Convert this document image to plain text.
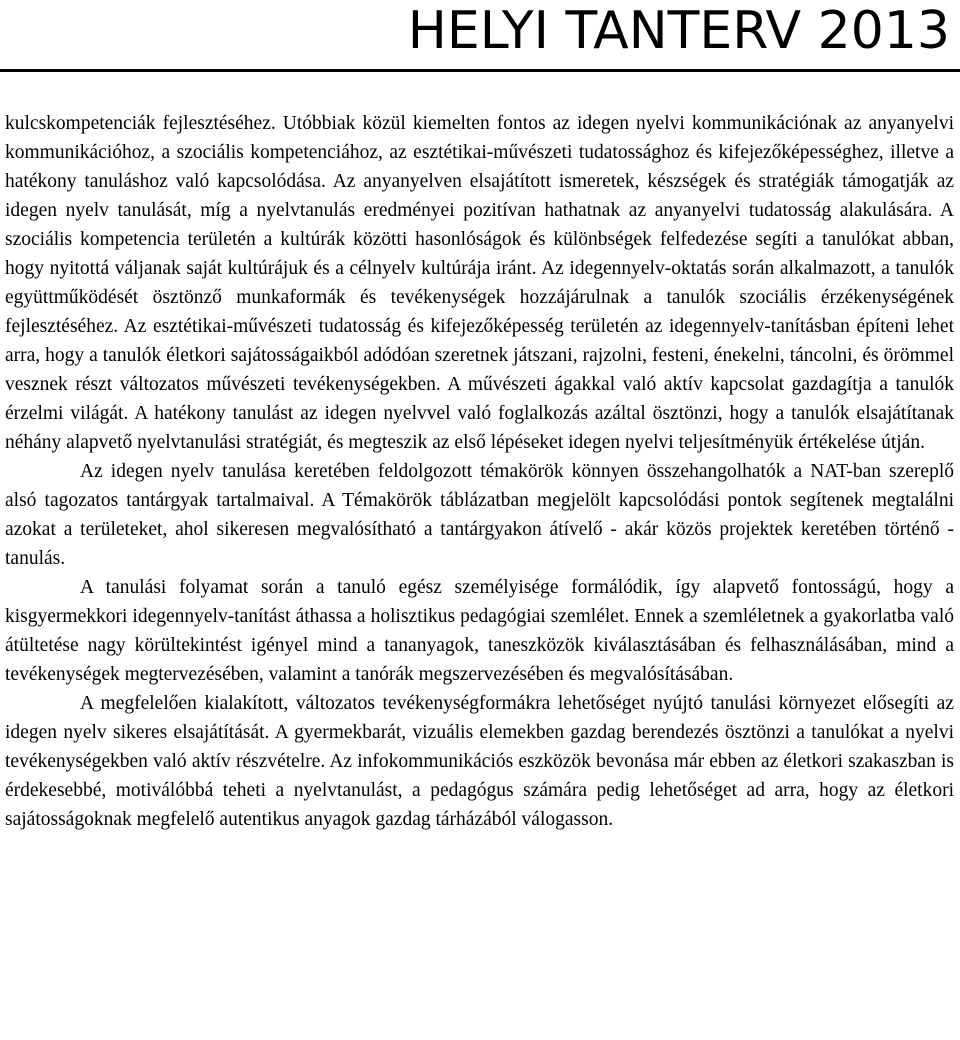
HELYI TANTERV 2013

kulcskompetenciák fejlesztéséhez. Utóbbiak közül kiemelten fontos az idegen nyelvi kommunikációnak az anyanyelvi kommunikációhoz, a szociális kompetenciához, az esztétikai-művészeti tudatossághoz és kifejezőképességhez, illetve a hatékony tanuláshoz való kapcsolódása. Az anyanyelven elsajátított ismeretek, készségek és stratégiák támogatják az idegen nyelv tanulását, míg a nyelvtanulás eredményei pozitívan hathatnak az anyanyelvi tudatosság alakulására. A szociális kompetencia területén a kultúrák közötti hasonlóságok és különbségek felfedezése segíti a tanulókat abban, hogy nyitottá váljanak saját kultúrájuk és a célnyelv kultúrája iránt. Az idegennyelv-oktatás során alkalmazott, a tanulók együttműködését ösztönző munkaformák és tevékenységek hozzájárulnak a tanulók szociális érzékenységének fejlesztéséhez. Az esztétikai-művészeti tudatosság és kifejezőképesség területén az idegennyelv-tanításban építeni lehet arra, hogy a tanulók életkori sajátosságaikból adódóan szeretnek játszani, rajzolni, festeni, énekelni, táncolni, és örömmel vesznek részt változatos művészeti tevékenységekben. A művészeti ágakkal való aktív kapcsolat gazdagítja a tanulók érzelmi világát. A hatékony tanulást az idegen nyelvvel való foglalkozás azáltal ösztönzi, hogy a tanulók elsajátítanak néhány alapvető nyelvtanulási stratégiát, és megteszik az első lépéseket idegen nyelvi teljesítményük értékelése útján.

Az idegen nyelv tanulása keretében feldolgozott témakörök könnyen összehangolhatók a NAT-ban szereplő alsó tagozatos tantárgyak tartalmaival. A Témakörök táblázatban megjelölt kapcsolódási pontok segítenek megtalálni azokat a területeket, ahol sikeresen megvalósítható a tantárgyakon átívelő - akár közös projektek keretében történő - tanulás.

A tanulási folyamat során a tanuló egész személyisége formálódik, így alapvető fontosságú, hogy a kisgyermekkori idegennyelv-tanítást áthassa a holisztikus pedagógiai szemlélet. Ennek a szemléletnek a gyakorlatba való átültetése nagy körültekintést igényel mind a tananyagok, taneszközök kiválasztásában és felhasználásában, mind a tevékenységek megtervezésében, valamint a tanórák megszervezésében és megvalósításában.

A megfelelően kialakított, változatos tevékenységformákra lehetőséget nyújtó tanulási környezet elősegíti az idegen nyelv sikeres elsajátítását. A gyermekbarát, vizuális elemekben gazdag berendezés ösztönzi a tanulókat a nyelvi tevékenységekben való aktív részvételre. Az infokommunikációs eszközök bevonása már ebben az életkori szakaszban is érdekesebbé, motiválóbbá teheti a nyelvtanulást, a pedagógus számára pedig lehetőséget ad arra, hogy az életkori sajátosságoknak megfelelő autentikus anyagok gazdag tárházából válogasson.
